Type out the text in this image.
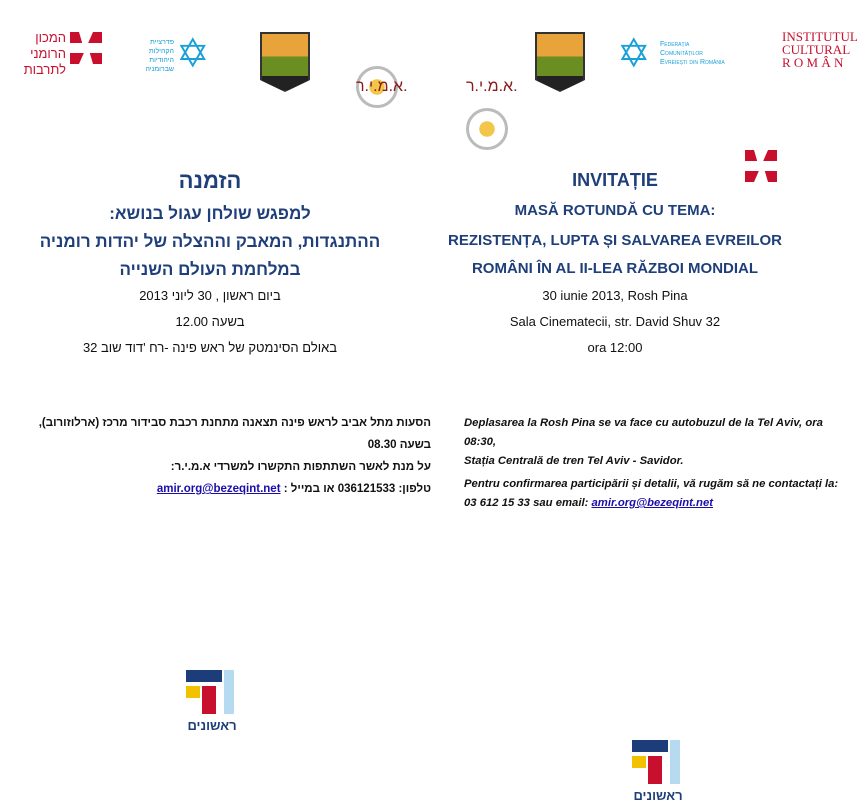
המכון הרומני לתרבות
פדרציית הקהילות היהודיות שברומניה ✡
א.מ.י.ר.	א.מ.י.ר.
✡ Federația Comunităților Evreiești din România
INSTITUTUL
CULTURAL
R O M Â N
הזמנה
למפגש שולחן עגול בנושא:
ההתנגדות, המאבק וההצלה של יהדות רומניה
במלחמת העולם השנייה
ביום ראשון , 30 ליוני 2013
בשעה 12.00
באולם הסינמטק של ראש פינה -רח 'דוד שוב 32
הסעות מתל אביב לראש פינה תצאנה מתחנת רכבת סבידור מרכז (ארלוזורוב),
בשעה 08.30
על מנת לאשר השתתפות התקשרו למשרדי א.מ.י.ר:
טלפון: 036121533 או במייל : amir.org@bezeqint.net
ראשונים
INVITAȚIE
MASĂ ROTUNDĂ CU TEMA:
REZISTENȚA, LUPTA ȘI SALVAREA EVREILOR
ROMÂNI ÎN AL II-LEA RĂZBOI MONDIAL
30 iunie 2013, Rosh Pina
Sala Cinematecii, str. David Shuv 32
ora 12:00
Deplasarea la Rosh Pina se va face cu autobuzul de la Tel Aviv, ora 08:30,
Stația Centrală de tren Tel Aviv - Savidor.
Pentru confirmarea participării și detalii, vă rugăm să ne contactați la:
03 612 15 33 sau email: amir.org@bezeqint.net
ראשונים
